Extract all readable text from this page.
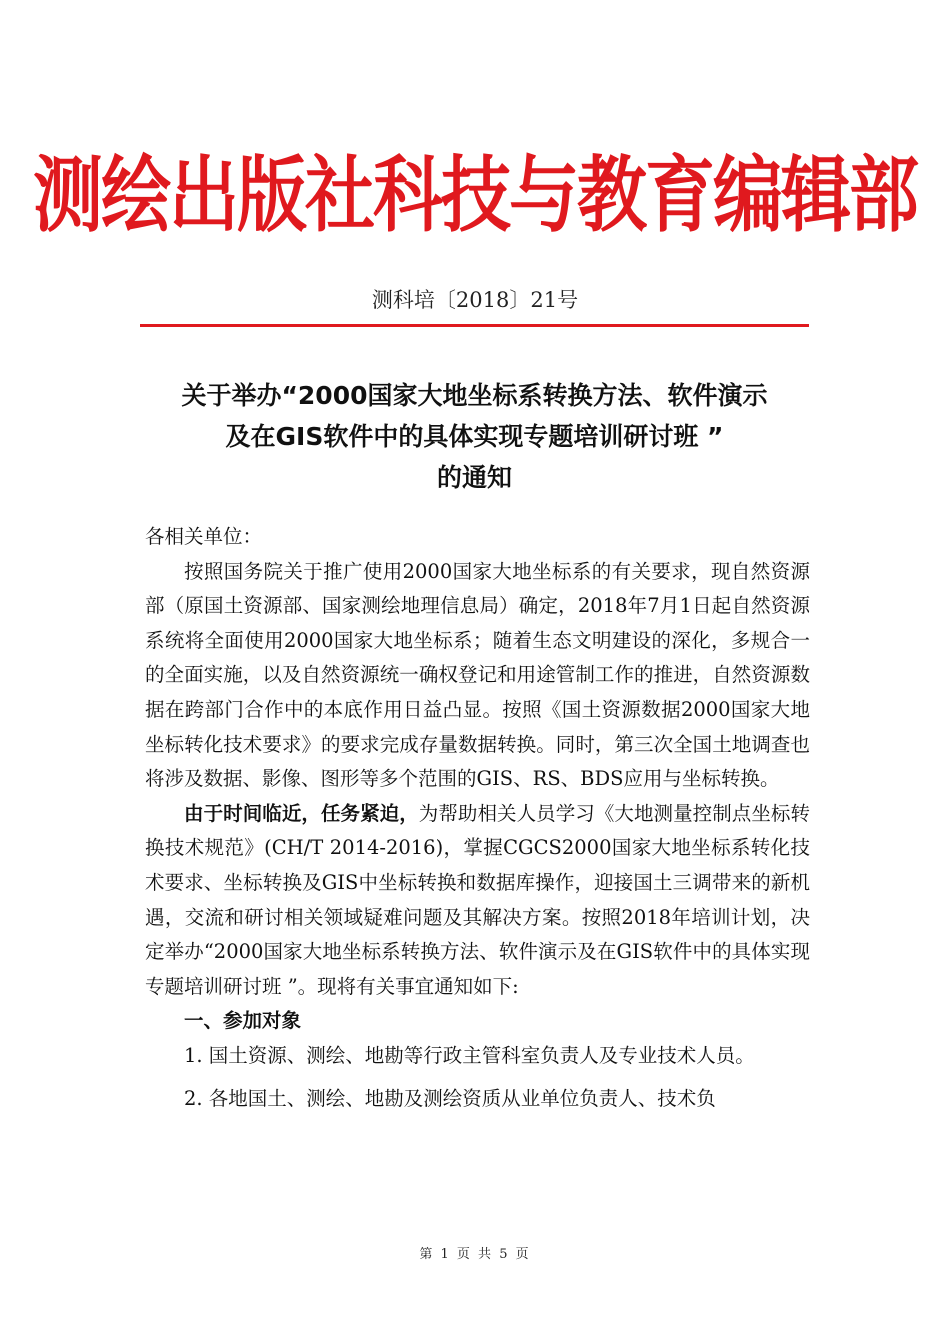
测绘出版社科技与教育编辑部
测科培〔2018〕21号
关于举办“2000国家大地坐标系转换方法、软件演示
及在GIS软件中的具体实现专题培训研讨班 ”
的通知

各相关单位：

按照国务院关于推广使用2000国家大地坐标系的有关要求，现自然资源部（原国土资源部、国家测绘地理信息局）确定，2018年7月1日起自然资源系统将全面使用2000国家大地坐标系；随着生态文明建设的深化，多规合一的全面实施，以及自然资源统一确权登记和用途管制工作的推进，自然资源数据在跨部门合作中的本底作用日益凸显。按照《国土资源数据2000国家大地坐标转化技术要求》的要求完成存量数据转换。同时，第三次全国土地调查也将涉及数据、影像、图形等多个范围的GIS、RS、BDS应用与坐标转换。

由于时间临近，任务紧迫，为帮助相关人员学习《大地测量控制点坐标转换技术规范》(CH/T 2014-2016)，掌握CGCS2000国家大地坐标系转化技术要求、坐标转换及GIS中坐标转换和数据库操作，迎接国土三调带来的新机遇，交流和研讨相关领域疑难问题及其解决方案。按照2018年培训计划，决定举办“2000国家大地坐标系转换方法、软件演示及在GIS软件中的具体实现专题培训研讨班 ”。现将有关事宜通知如下:

一、参加对象

1. 国土资源、测绘、地勘等行政主管科室负责人及专业技术人员。

2. 各地国土、测绘、地勘及测绘资质从业单位负责人、技术负

第 1 页 共 5 页
